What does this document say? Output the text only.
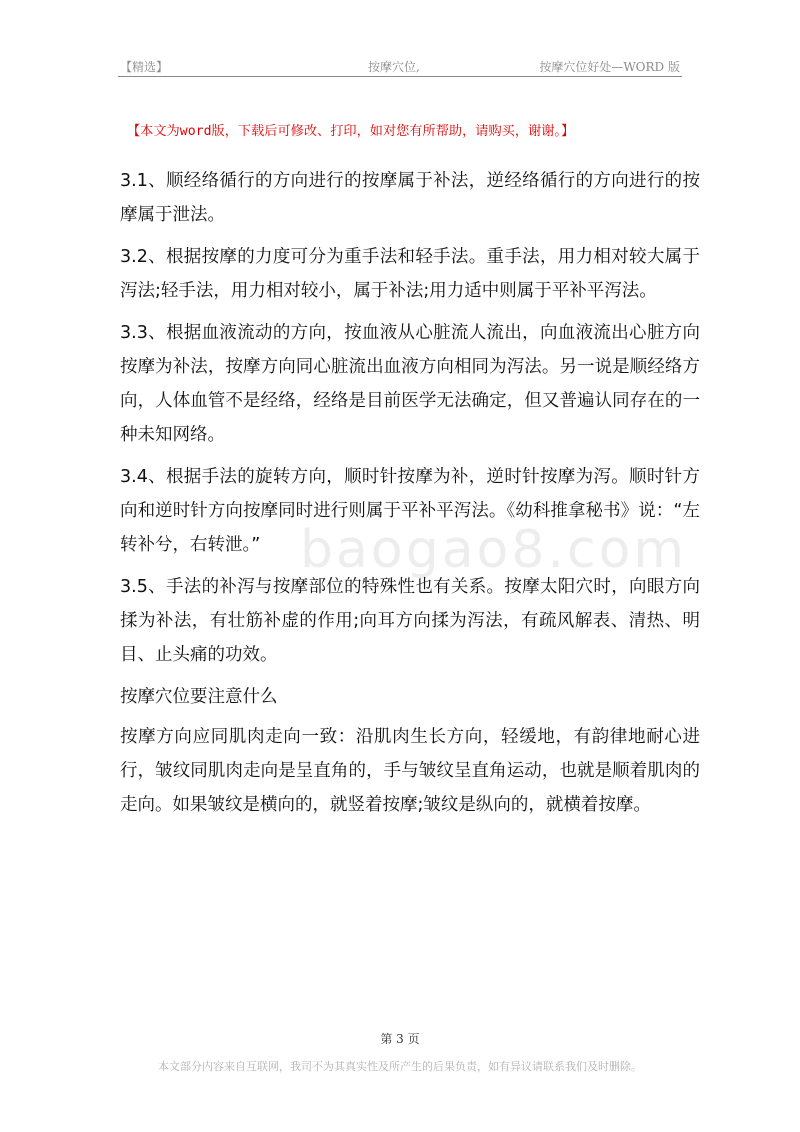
【精选】	按摩穴位,	按摩穴位好处—WORD 版
【本文为word版，下载后可修改、打印，如对您有所帮助，请购买，谢谢。】
baogao8.com

3.1、顺经络循行的方向进行的按摩属于补法，逆经络循行的方向进行的按摩属于泄法。

3.2、根据按摩的力度可分为重手法和轻手法。重手法，用力相对较大属于泻法;轻手法，用力相对较小，属于补法;用力适中则属于平补平泻法。

3.3、根据血液流动的方向，按血液从心脏流人流出，向血液流出心脏方向按摩为补法，按摩方向同心脏流出血液方向相同为泻法。另一说是顺经络方向，人体血管不是经络，经络是目前医学无法确定，但又普遍认同存在的一种未知网络。

3.4、根据手法的旋转方向，顺时针按摩为补，逆时针按摩为泻。顺时针方向和逆时针方向按摩同时进行则属于平补平泻法。《幼科推拿秘书》说：“左转补兮，右转泄。”

3.5、手法的补泻与按摩部位的特殊性也有关系。按摩太阳穴时，向眼方向揉为补法，有壮筋补虚的作用;向耳方向揉为泻法，有疏风解表、清热、明目、止头痛的功效。

按摩穴位要注意什么

按摩方向应同肌肉走向一致：沿肌肉生长方向，轻缓地，有韵律地耐心进行，皱纹同肌肉走向是呈直角的，手与皱纹呈直角运动，也就是顺着肌肉的走向。如果皱纹是横向的，就竖着按摩;皱纹是纵向的，就横着按摩。

第 3 页
本文部分内容来自互联网，我司不为其真实性及所产生的后果负责，如有异议请联系我们及时删除。
